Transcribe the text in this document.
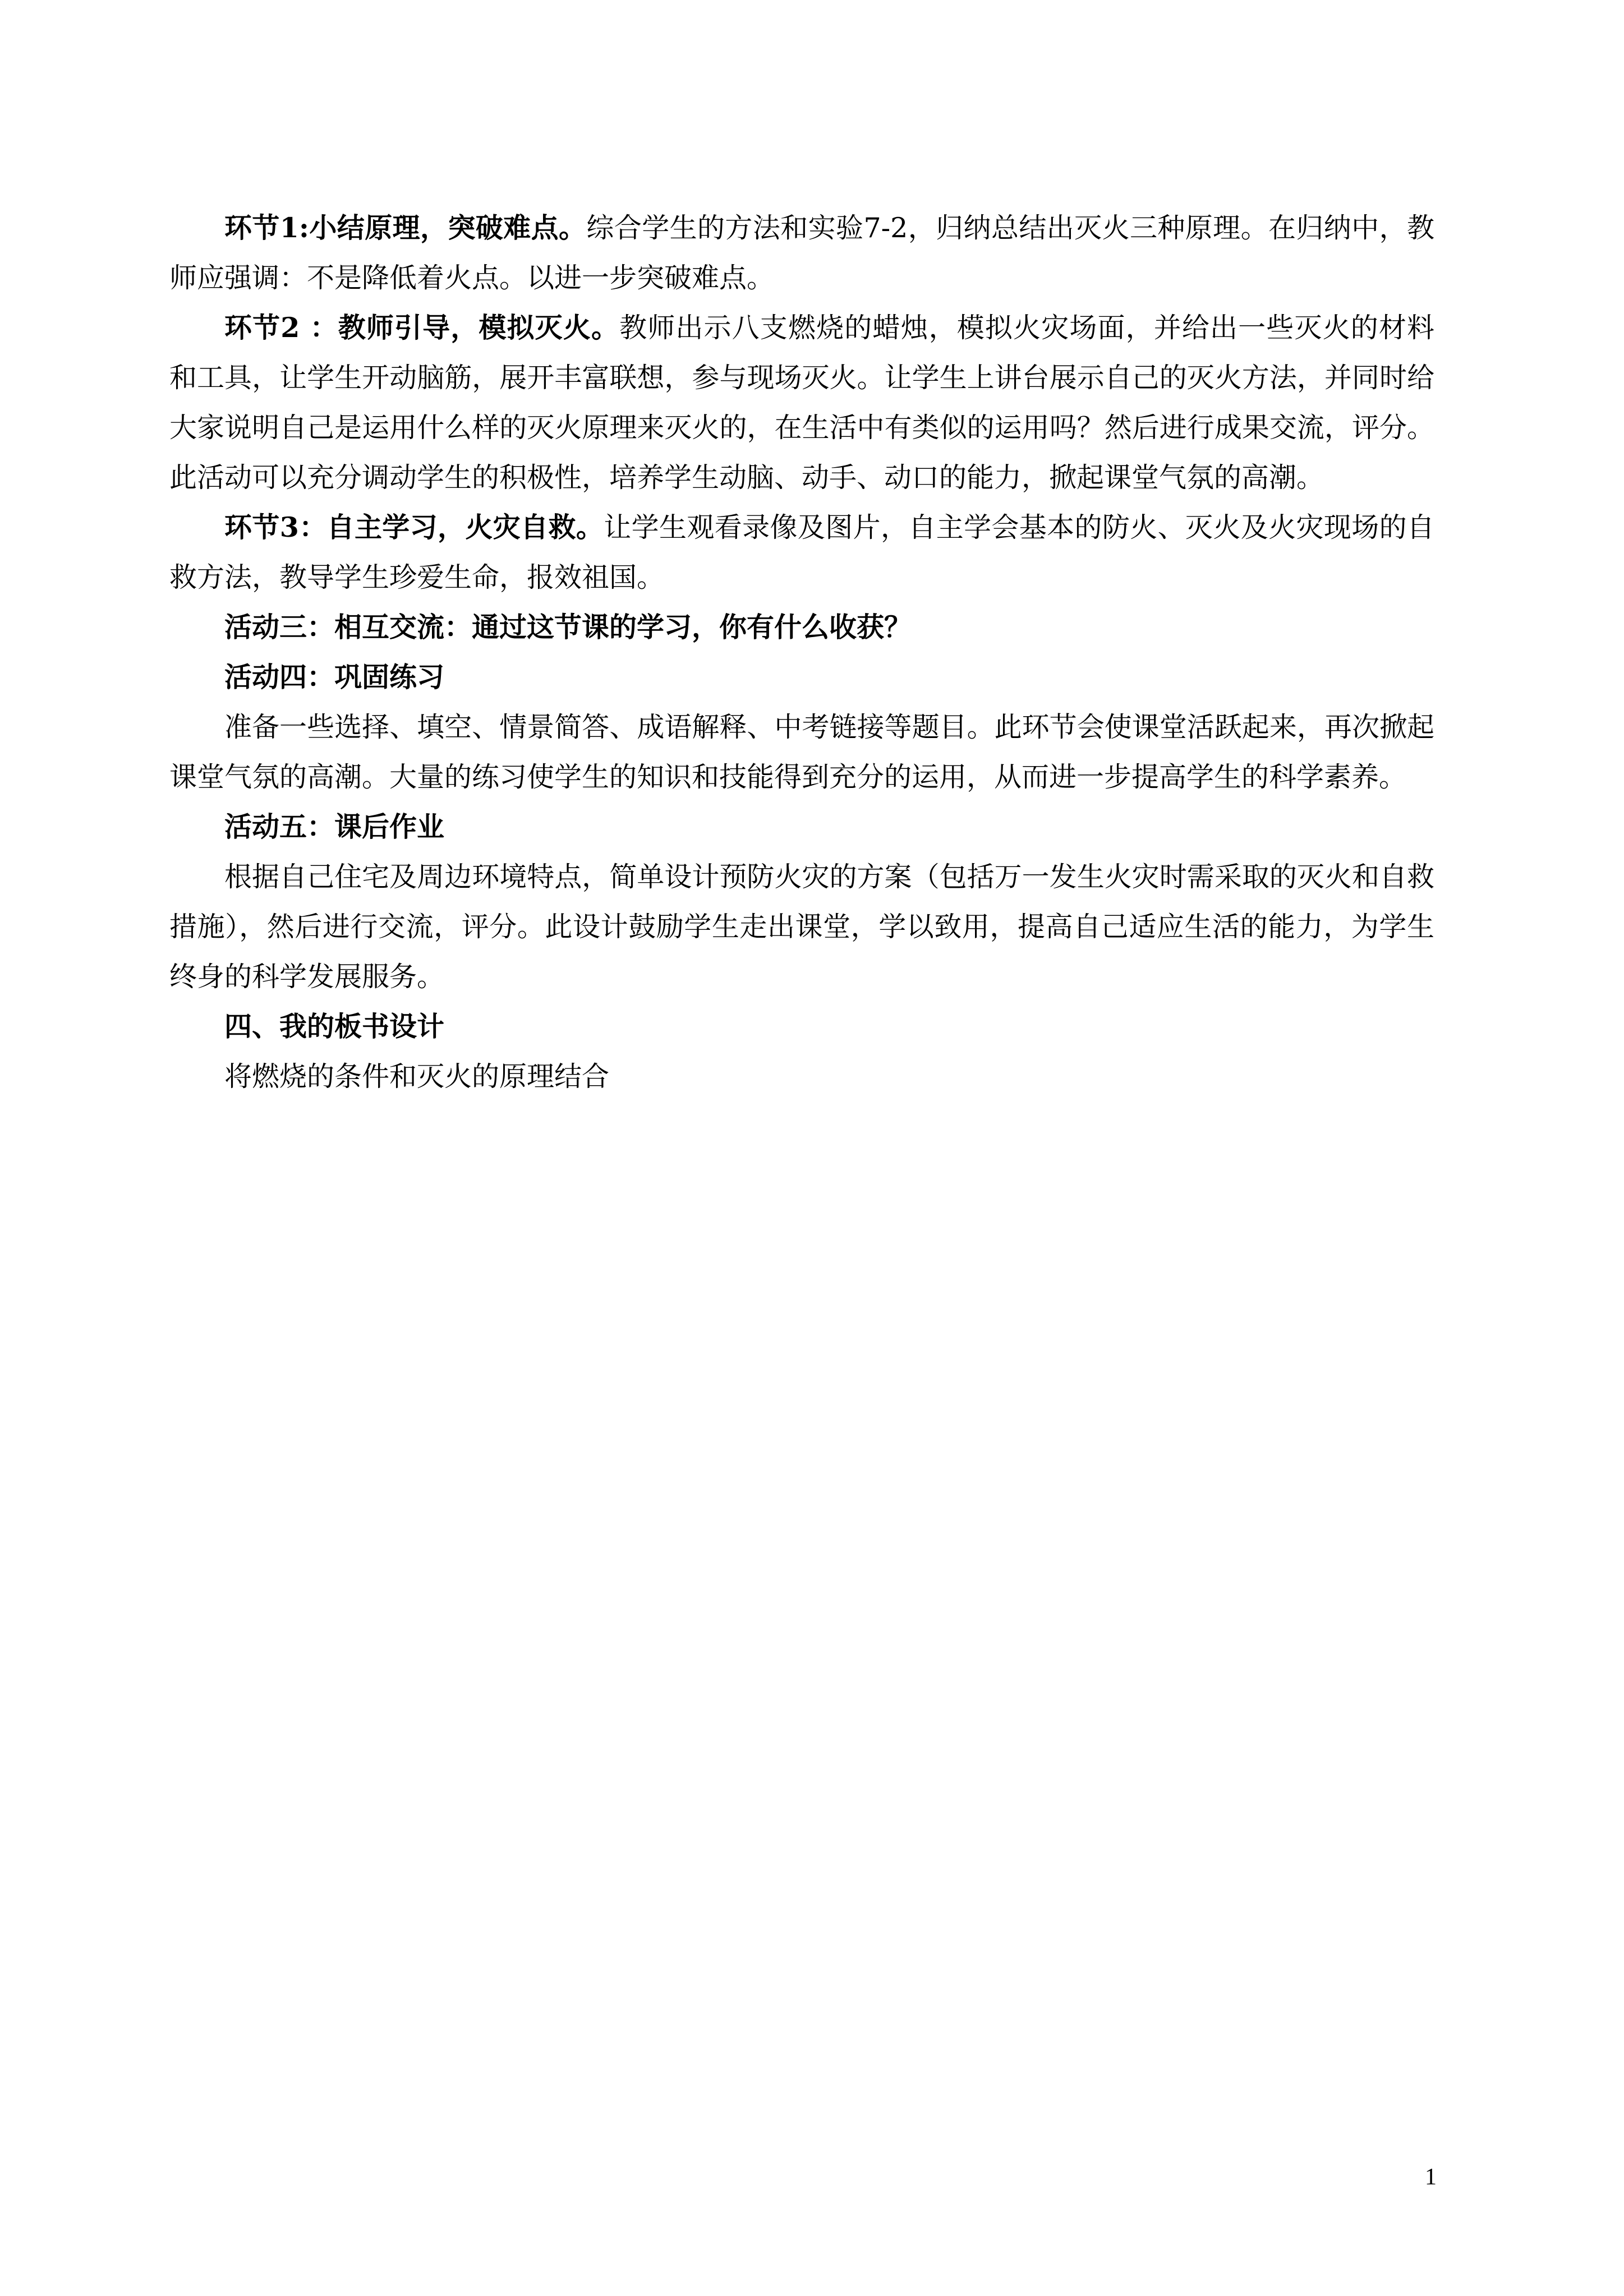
环节1:小结原理，突破难点。综合学生的方法和实验7-2，归纳总结出灭火三种原理。在归纳中，教师应强调：不是降低着火点。以进一步突破难点。

环节2 ：教师引导，模拟灭火。教师出示八支燃烧的蜡烛，模拟火灾场面，并给出一些灭火的材料和工具，让学生开动脑筋，展开丰富联想，参与现场灭火。让学生上讲台展示自己的灭火方法，并同时给大家说明自己是运用什么样的灭火原理来灭火的，在生活中有类似的运用吗？然后进行成果交流，评分。此活动可以充分调动学生的积极性，培养学生动脑、动手、动口的能力，掀起课堂气氛的高潮。

环节3：自主学习，火灾自救。让学生观看录像及图片，自主学会基本的防火、灭火及火灾现场的自救方法，教导学生珍爱生命，报效祖国。

活动三：相互交流：通过这节课的学习，你有什么收获？

活动四：巩固练习

准备一些选择、填空、情景简答、成语解释、中考链接等题目。此环节会使课堂活跃起来，再次掀起课堂气氛的高潮。大量的练习使学生的知识和技能得到充分的运用，从而进一步提高学生的科学素养。

活动五：课后作业

根据自己住宅及周边环境特点，简单设计预防火灾的方案（包括万一发生火灾时需采取的灭火和自救措施），然后进行交流，评分。此设计鼓励学生走出课堂，学以致用，提高自己适应生活的能力，为学生终身的科学发展服务。

四、我的板书设计

将燃烧的条件和灭火的原理结合

1
